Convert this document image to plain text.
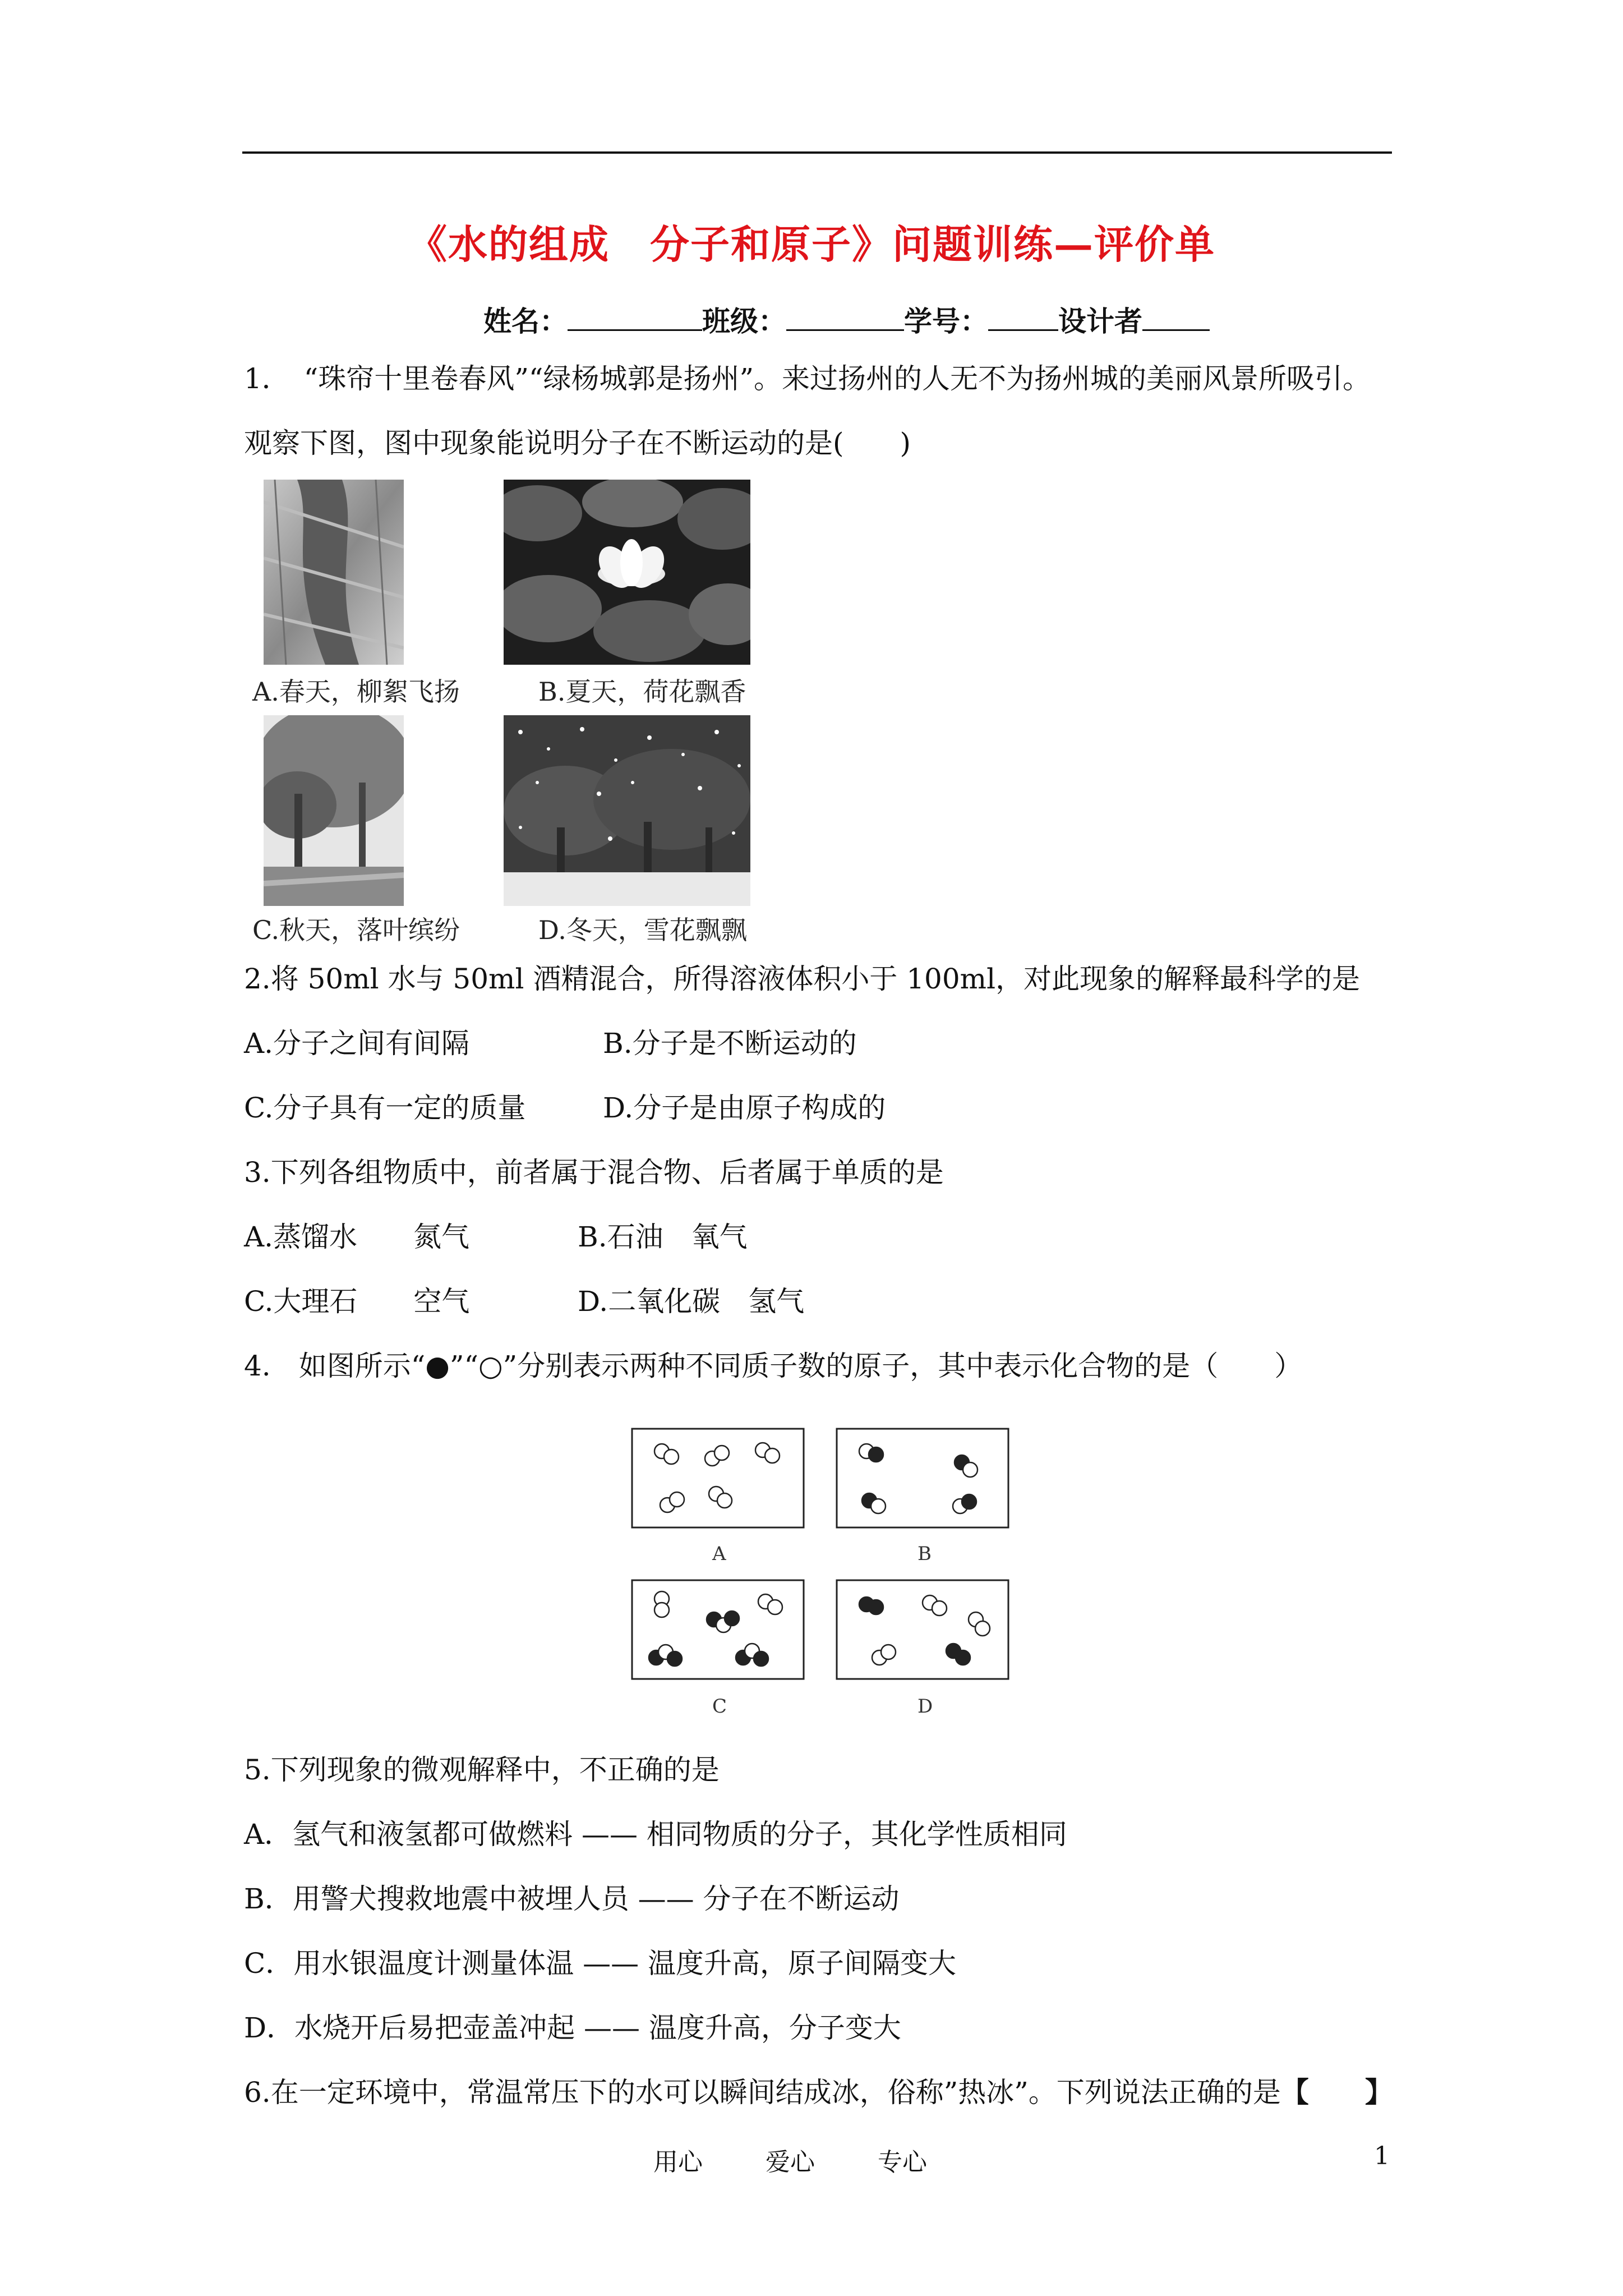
《水的组成　分子和原子》问题训练—评价单
姓名：	班级：	学号：	设计者
1．　“珠帘十里卷春风”“绿杨城郭是扬州”。来过扬州的人无不为扬州城的美丽风景所吸引。
观察下图，图中现象能说明分子在不断运动的是(　　)
A.春天，柳絮飞扬	B.夏天，荷花飘香
C.秋天，落叶缤纷	D.冬天，雪花飘飘
2.将 50ml 水与 50ml 酒精混合，所得溶液体积小于 100ml，对此现象的解释最科学的是
A.分子之间有间隔	B.分子是不断运动的
C.分子具有一定的质量	D.分子是由原子构成的
3.下列各组物质中，前者属于混合物、后者属于单质的是
A.蒸馏水　　氮气	B.石油　氧气
C.大理石　　空气	D.二氧化碳　氢气
4.　如图所示“●”“○”分别表示两种不同质子数的原子，其中表示化合物的是（　　）
A	B
C	D
5.下列现象的微观解释中，不正确的是
A．氢气和液氢都可做燃料 —— 相同物质的分子，其化学性质相同
B．用警犬搜救地震中被埋人员 —— 分子在不断运动
C．用水银温度计测量体温 —— 温度升高，原子间隔变大
D．水烧开后易把壶盖冲起 —— 温度升高，分子变大
6.在一定环境中，常温常压下的水可以瞬间结成冰，俗称”热冰”。下列说法正确的是【　　】
用心	爱心	专心	1
